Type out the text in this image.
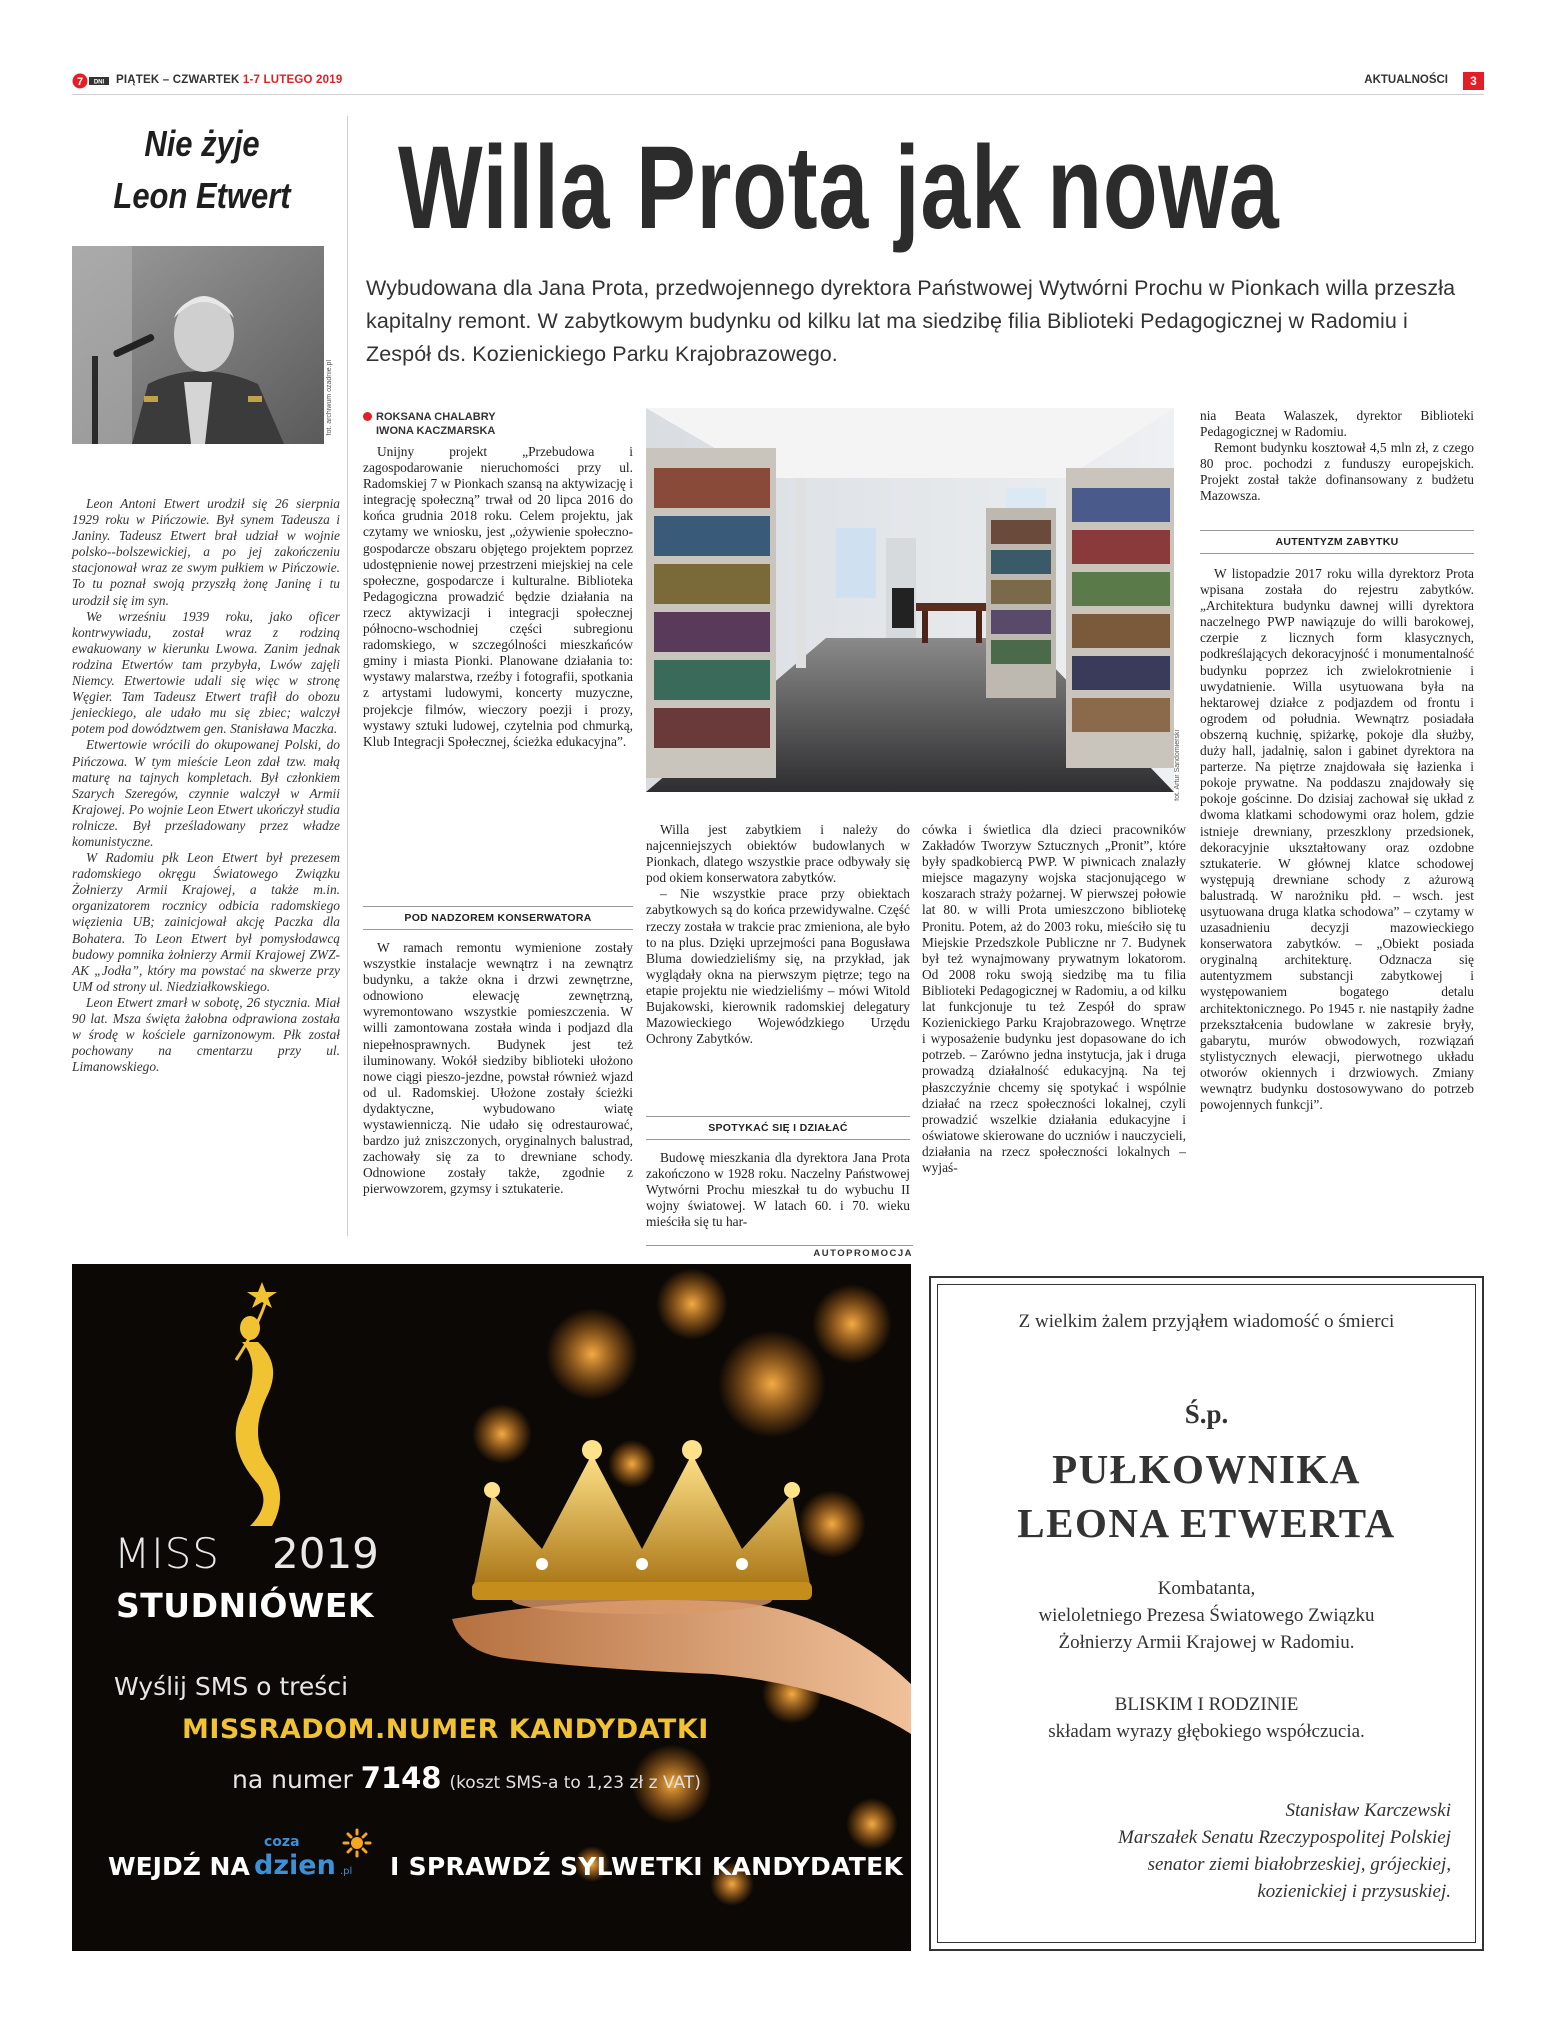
7 DNI PIĄTEK – CZWARTEK 1-7 LUTEGO 2019	AKTUALNOŚCI	3
Nie żyje
Leon Etwert
fot. archiwum ozadnie.pl

Leon Antoni Etwert urodził się 26 sierpnia 1929 roku w Pińczowie. Był synem Tadeusza i Janiny. Tadeusz Etwert brał udział w wojnie polsko--bolszewickiej, a po jej zakończeniu stacjonował wraz ze swym pułkiem w Pińczowie. To tu poznał swoją przyszłą żonę Janinę i tu urodził się im syn.

We wrześniu 1939 roku, jako oficer kontrwywiadu, został wraz z rodziną ewakuowany w kierunku Lwowa. Zanim jednak rodzina Etwertów tam przybyła, Lwów zajęli Niemcy. Etwertowie udali się więc w stronę Węgier. Tam Tadeusz Etwert trafił do obozu jenieckiego, ale udało mu się zbiec; walczył potem pod dowództwem gen. Stanisława Maczka.

Etwertowie wrócili do okupowanej Polski, do Pińczowa. W tym mieście Leon zdał tzw. małą maturę na tajnych kompletach. Był członkiem Szarych Szeregów, czynnie walczył w Armii Krajowej. Po wojnie Leon Etwert ukończył studia rolnicze. Był prześladowany przez władze komunistyczne.

W Radomiu płk Leon Etwert był prezesem radomskiego okręgu Światowego Związku Żołnierzy Armii Krajowej, a także m.in. organizatorem rocznicy odbicia radomskiego więzienia UB; zainicjował akcję Paczka dla Bohatera. To Leon Etwert był pomysłodawcą budowy pomnika żołnierzy Armii Krajowej ZWZ-AK „Jodła”, który ma powstać na skwerze przy UM od strony ul. Niedziałkowskiego.

Leon Etwert zmarł w sobotę, 26 stycznia. Miał 90 lat. Msza święta żałobna odprawiona została w środę w kościele garnizonowym. Płk został pochowany na cmentarzu przy ul. Limanowskiego.

Willa Prota jak nowa
Wybudowana dla Jana Prota, przedwojennego dyrektora Państwowej Wytwórni Prochu w Pionkach willa przeszła kapitalny remont. W zabytkowym budynku od kilku lat ma siedzibę filia Biblioteki Pedagogicznej w Radomiu i Zespół ds. Kozienickiego Parku Krajobrazowego.
ROKSANA CHALABRY
IWONA KACZMARSKA

Unijny projekt „Przebudowa i zagospodarowanie nieruchomości przy ul. Radomskiej 7 w Pionkach szansą na aktywizację i integrację społeczną” trwał od 20 lipca 2016 do końca grudnia 2018 roku. Celem projektu, jak czytamy we wniosku, jest „ożywienie społeczno-gospodarcze obszaru objętego projektem poprzez udostępnienie nowej przestrzeni miejskiej na cele społeczne, gospodarcze i kulturalne. Biblioteka Pedagogiczna prowadzić będzie działania na rzecz aktywizacji i integracji społecznej północno-wschodniej części subregionu radomskiego, w szczególności mieszkańców gminy i miasta Pionki. Planowane działania to: wystawy malarstwa, rzeźby i fotografii, spotkania z artystami ludowymi, koncerty muzyczne, projekcje filmów, wieczory poezji i prozy, wystawy sztuki ludowej, czytelnia pod chmurką, Klub Integracji Społecznej, ścieżka edukacyjna”.

POD NADZOREM KONSERWATORA

W ramach remontu wymienione zostały wszystkie instalacje wewnątrz i na zewnątrz budynku, a także okna i drzwi zewnętrzne, odnowiono elewację zewnętrzną, wyremontowano wszystkie pomieszczenia. W willi zamontowana została winda i podjazd dla niepełnosprawnych. Budynek jest też iluminowany. Wokół siedziby biblioteki ułożono nowe ciągi pieszo-jezdne, powstał również wjazd od ul. Radomskiej. Ułożone zostały ścieżki dydaktyczne, wybudowano wiatę wystawienniczą. Nie udało się odrestaurować, bardzo już zniszczonych, oryginalnych balustrad, zachowały się za to drewniane schody. Odnowione zostały także, zgodnie z pierwowzorem, gzymsy i sztukaterie.

fot. Artur Sandomierski

Willa jest zabytkiem i należy do najcenniejszych obiektów budowlanych w Pionkach, dlatego wszystkie prace odbywały się pod okiem konserwatora zabytków.

– Nie wszystkie prace przy obiektach zabytkowych są do końca przewidywalne. Część rzeczy została w trakcie prac zmieniona, ale było to na plus. Dzięki uprzejmości pana Bogusława Bluma dowiedzieliśmy się, na przykład, jak wyglądały okna na pierwszym piętrze; tego na etapie projektu nie wiedzieliśmy – mówi Witold Bujakowski, kierownik radomskiej delegatury Mazowieckiego Wojewódzkiego Urzędu Ochrony Zabytków.

SPOTYKAĆ SIĘ I DZIAŁAĆ

Budowę mieszkania dla dyrektora Jana Prota zakończono w 1928 roku. Naczelny Państwowej Wytwórni Prochu mieszkał tu do wybuchu II wojny światowej. W latach 60. i 70. wieku mieściła się tu har-

cówka i świetlica dla dzieci pracowników Zakładów Tworzyw Sztucznych „Pronit”, które były spadkobiercą PWP. W piwnicach znalazły miejsce magazyny wojska stacjonującego w koszarach straży pożarnej. W pierwszej połowie lat 80. w willi Prota umieszczono bibliotekę Pronitu. Potem, aż do 2003 roku, mieściło się tu Miejskie Przedszkole Publiczne nr 7. Budynek był też wynajmowany prywatnym lokatorom. Od 2008 roku swoją siedzibę ma tu filia Biblioteki Pedagogicznej w Radomiu, a od kilku lat funkcjonuje tu też Zespół do spraw Kozienickiego Parku Krajobrazowego. Wnętrze i wyposażenie budynku jest dopasowane do ich potrzeb. – Zarówno jedna instytucja, jak i druga prowadzą działalność edukacyjną. Na tej płaszczyźnie chcemy się spotykać i wspólnie działać na rzecz społeczności lokalnej, czyli prowadzić wszelkie działania edukacyjne i oświatowe skierowane do uczniów i nauczycieli, działania na rzecz społeczności lokalnych – wyjaś-

nia Beata Walaszek, dyrektor Biblioteki Pedagogicznej w Radomiu.

Remont budynku kosztował 4,5 mln zł, z czego 80 proc. pochodzi z funduszy europejskich. Projekt został także dofinansowany z budżetu Mazowsza.

AUTENTYZM ZABYTKU

W listopadzie 2017 roku willa dyrektorz Prota wpisana została do rejestru zabytków. „Architektura budynku dawnej willi dyrektora naczelnego PWP nawiązuje do willi barokowej, czerpie z licznych form klasycznych, podkreślających dekoracyjność i monumentalność budynku poprzez ich zwielokrotnienie i uwydatnienie. Willa usytuowana była na hektarowej działce z podjazdem od frontu i ogrodem od południa. Wewnątrz posiadała obszerną kuchnię, spiżarkę, pokoje dla służby, duży hall, jadalnię, salon i gabinet dyrektora na parterze. Na piętrze znajdowała się łazienka i pokoje prywatne. Na poddaszu znajdowały się pokoje gościnne. Do dzisiaj zachował się układ z dwoma klatkami schodowymi oraz holem, gdzie istnieje drewniany, przeszklony przedsionek, dekoracyjnie ukształtowany oraz ozdobne sztukaterie. W głównej klatce schodowej występują drewniane schody z ażurową balustradą. W narożniku płd. – wsch. jest usytuowana druga klatka schodowa” – czytamy w uzasadnieniu decyzji mazowieckiego konserwatora zabytków. – „Obiekt posiada oryginalną architekturę. Odznacza się autentyzmem substancji zabytkowej i występowaniem bogatego detalu architektonicznego. Po 1945 r. nie nastąpiły żadne przekształcenia budowlane w zakresie bryły, gabarytu, murów obwodowych, rozwiązań stylistycznych elewacji, pierwotnego układu otworów okiennych i drzwiowych. Zmiany wewnątrz budynku dostosowywano do potrzeb powojennych funkcji”.

AUTOPROMOCJA
MISS 2019
STUDNIÓWEK
Wyślij SMS o treści
MISSRADOM.NUMER KANDYDATKI
na numer 7148 (koszt SMS-a to 1,23 zł z VAT)
WEJDŹ NA
coza
dzien .pl I SPRAWDŹ SYLWETKI KANDYDATEK
Z wielkim żalem przyjąłem wiadomość o śmierci
Ś.p.
PUŁKOWNIKA
LEONA ETWERTA
Kombatanta,
wieloletniego Prezesa Światowego Związku
Żołnierzy Armii Krajowej w Radomiu.
BLISKIM I RODZINIE
składam wyrazy głębokiego współczucia.
Stanisław Karczewski
Marszałek Senatu Rzeczypospolitej Polskiej
senator ziemi białobrzeskiej, grójeckiej,
kozienickiej i przysuskiej.
